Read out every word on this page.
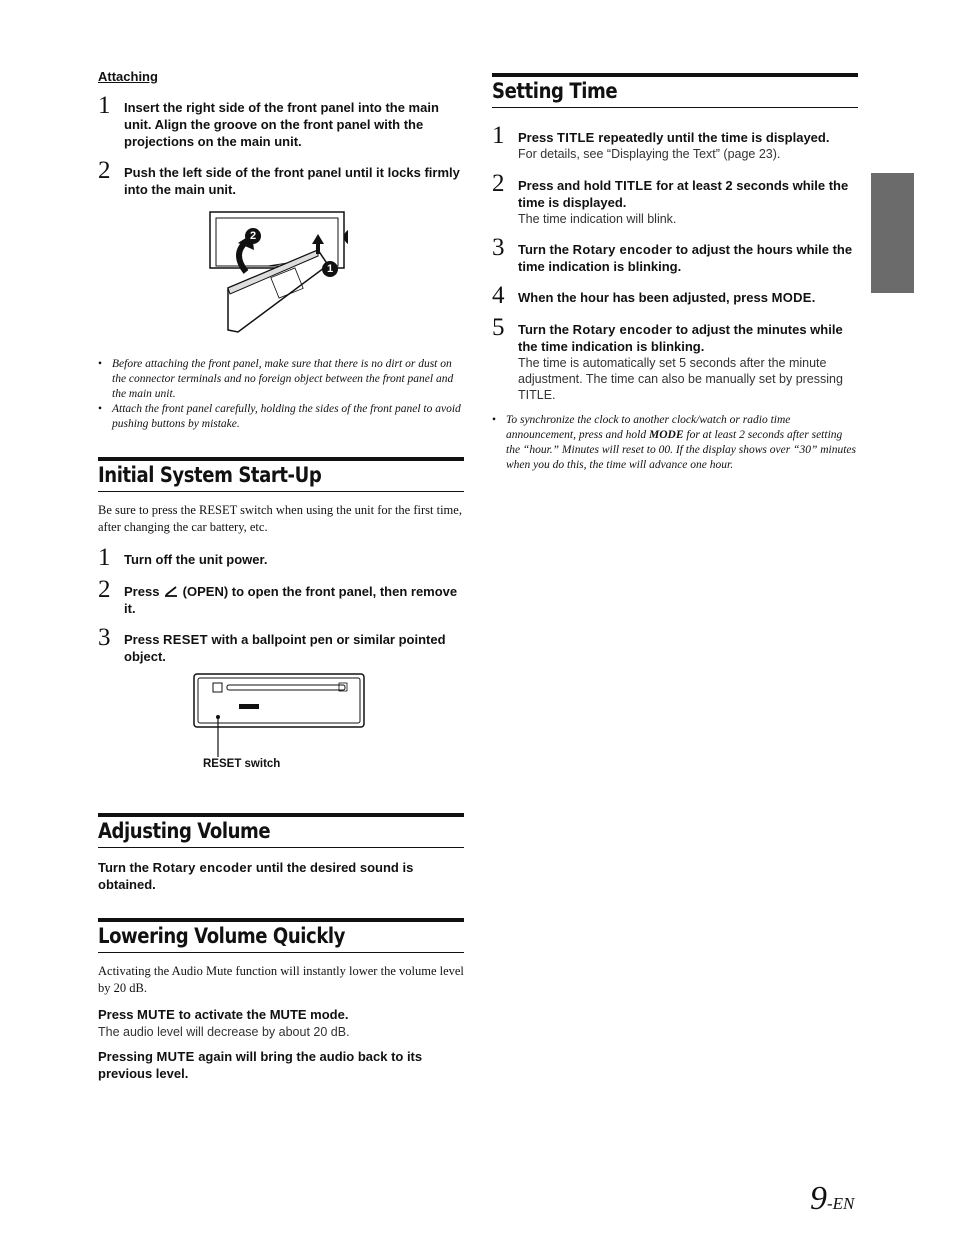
Attaching

1 Insert the right side of the front panel into the main unit. Align the groove on the front panel with the projections on the main unit.
2 Push the left side of the front panel until it locks firmly into the main unit.
2
1
• Before attaching the front panel, make sure that there is no dirt or dust on the connector terminals and no foreign object between the front panel and the main unit.
• Attach the front panel carefully, holding the sides of the front panel to avoid pushing buttons by mistake.
Initial System Start-Up

Be sure to press the RESET switch when using the unit for the first time, after changing the car battery, etc.

1 Turn off the unit power.
2 Press (OPEN) to open the front panel, then remove it.
3 Press RESET with a ballpoint pen or similar pointed object.
RESET switch
Adjusting Volume
Turn the Rotary encoder until the desired sound is obtained.
Lowering Volume Quickly

Activating the Audio Mute function will instantly lower the volume level by 20 dB.

Press MUTE to activate the MUTE mode.
The audio level will decrease by about 20 dB.
Pressing MUTE again will bring the audio back to its previous level.
Setting Time
1 Press TITLE repeatedly until the time is displayed.
For details, see “Displaying the Text” (page 23).
2 Press and hold TITLE for at least 2 seconds while the time is displayed.
The time indication will blink.
3 Turn the Rotary encoder to adjust the hours while the time indication is blinking.
4 When the hour has been adjusted, press MODE.
5 Turn the Rotary encoder to adjust the minutes while the time indication is blinking.
The time is automatically set 5 seconds after the minute adjustment. The time can also be manually set by pressing TITLE.
• To synchronize the clock to another clock/watch or radio time announcement, press and hold MODE for at least 2 seconds after setting the “hour.” Minutes will reset to 00. If the display shows over “30” minutes when you do this, the time will advance one hour.
9-EN
